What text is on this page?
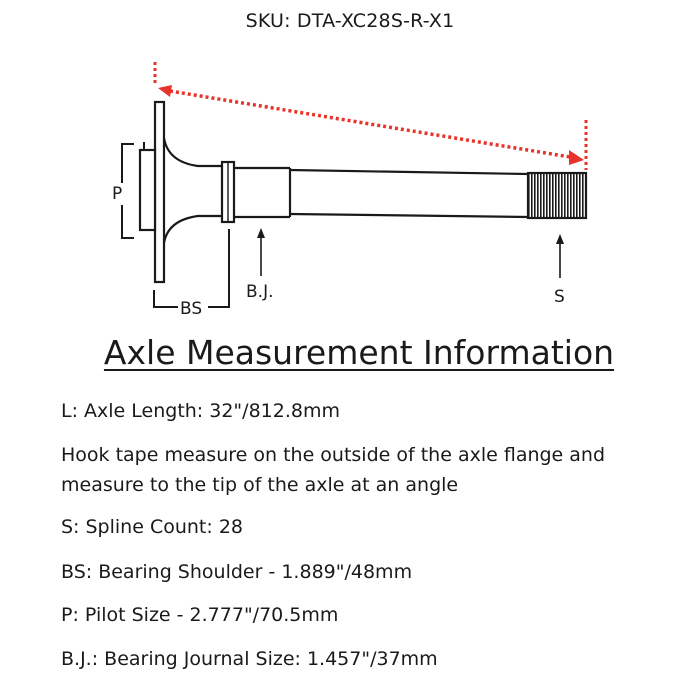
SKU: DTA-XC28S-R-X1
P
BS
B.J.	S
Axle Measurement Information
L: Axle Length: 32"/812.8mm
Hook tape measure on the outside of the axle flange and measure to the tip of the axle at an angle
S: Spline Count: 28
BS: Bearing Shoulder - 1.889"/48mm
P: Pilot Size - 2.777"/70.5mm
B.J.: Bearing Journal Size: 1.457"/37mm
